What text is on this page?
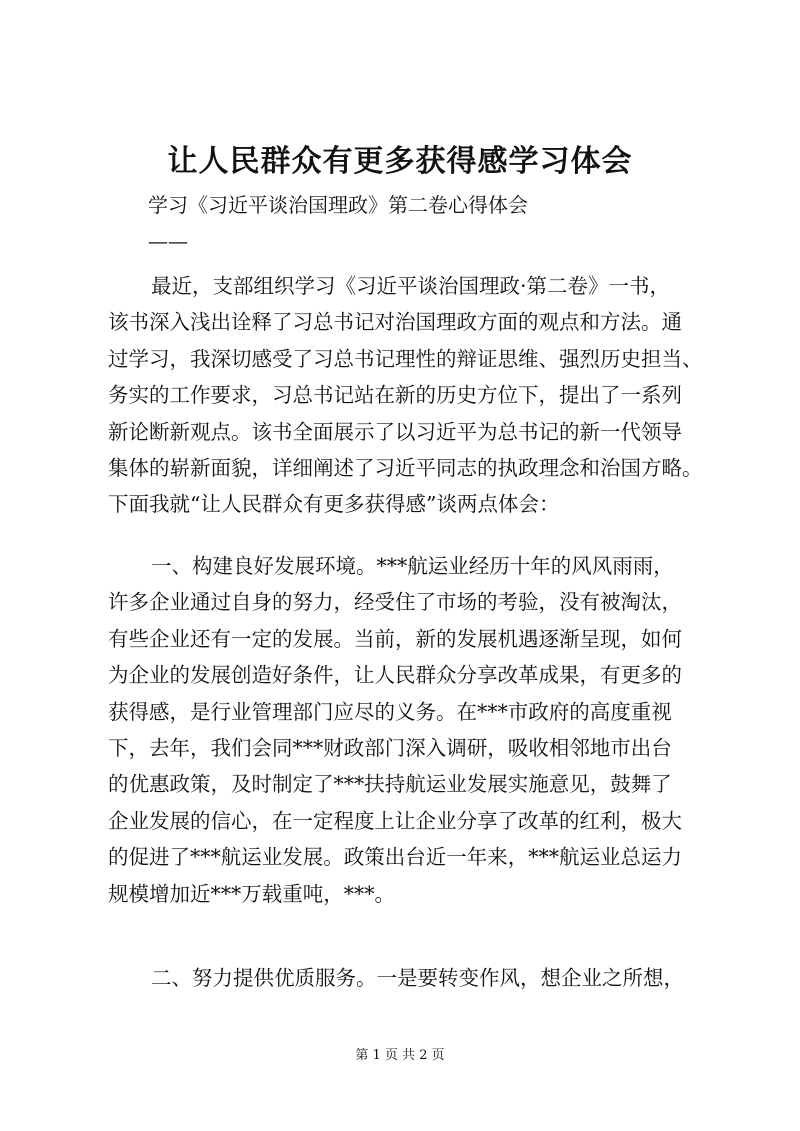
让人民群众有更多获得感学习体会
学习《习近平谈治国理政》第二卷心得体会
——
最近，支部组织学习《习近平谈治国理政·第二卷》一书，
该书深入浅出诠释了习总书记对治国理政方面的观点和方法。通
过学习，我深切感受了习总书记理性的辩证思维、强烈历史担当、
务实的工作要求，习总书记站在新的历史方位下，提出了一系列
新论断新观点。该书全面展示了以习近平为总书记的新一代领导
集体的崭新面貌，详细阐述了习近平同志的执政理念和治国方略。
下面我就“让人民群众有更多获得感”谈两点体会：
一、构建良好发展环境。***航运业经历十年的风风雨雨，
许多企业通过自身的努力，经受住了市场的考验，没有被淘汰，
有些企业还有一定的发展。当前，新的发展机遇逐渐呈现，如何
为企业的发展创造好条件，让人民群众分享改革成果，有更多的
获得感，是行业管理部门应尽的义务。在***市政府的高度重视
下，去年，我们会同***财政部门深入调研，吸收相邻地市出台
的优惠政策，及时制定了***扶持航运业发展实施意见，鼓舞了
企业发展的信心，在一定程度上让企业分享了改革的红利，极大
的促进了***航运业发展。政策出台近一年来，***航运业总运力
规模增加近***万载重吨，***。
二、努力提供优质服务。一是要转变作风，想企业之所想，
第 1 页 共 2 页
